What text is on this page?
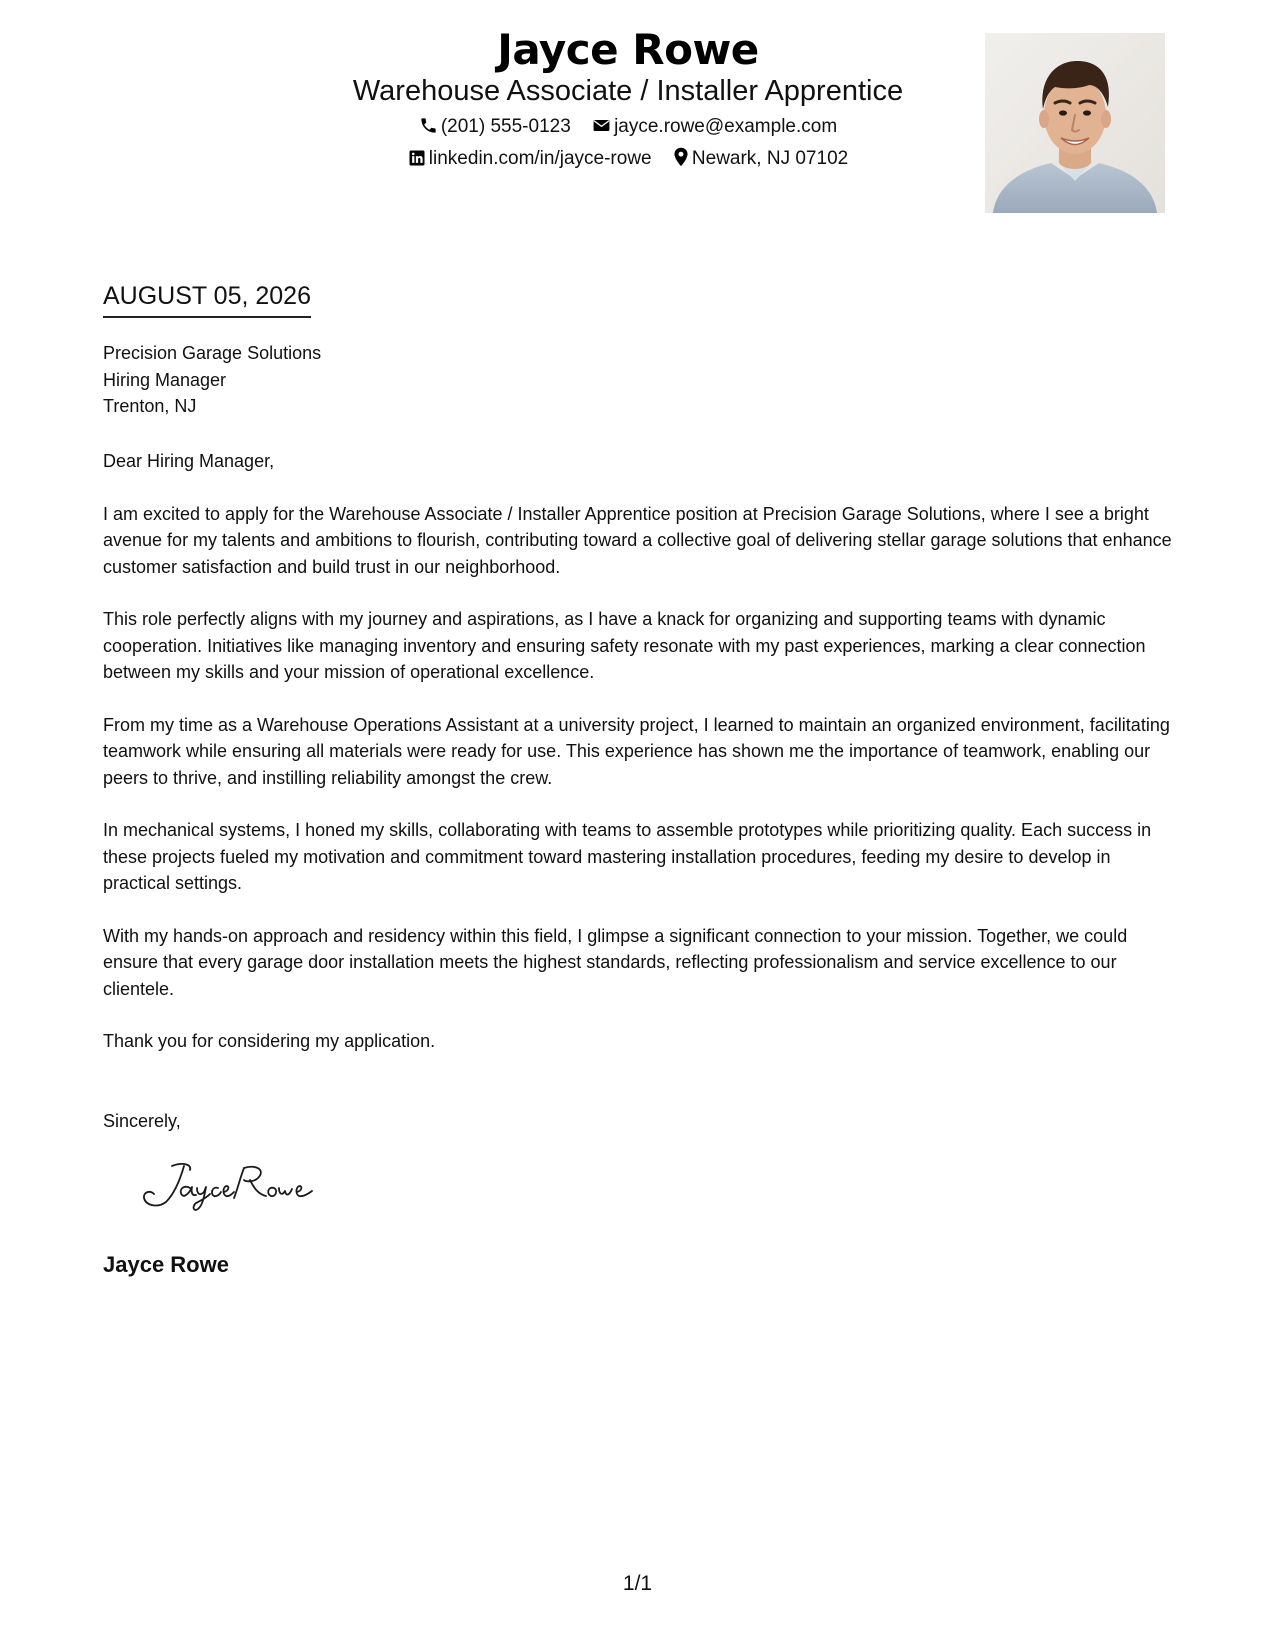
Jayce Rowe
Warehouse Associate / Installer Apprentice
(201) 555-0123 jayce.rowe@example.com
linkedin.com/in/jayce-rowe Newark, NJ 07102
AUGUST 05, 2026
Precision Garage Solutions
Hiring Manager
Trenton, NJ

Dear Hiring Manager,

I am excited to apply for the Warehouse Associate / Installer Apprentice position at Precision Garage Solutions, where I see a bright avenue for my talents and ambitions to flourish, contributing toward a collective goal of delivering stellar garage solutions that enhance customer satisfaction and build trust in our neighborhood.

This role perfectly aligns with my journey and aspirations, as I have a knack for organizing and supporting teams with dynamic cooperation. Initiatives like managing inventory and ensuring safety resonate with my past experiences, marking a clear connection between my skills and your mission of operational excellence.

From my time as a Warehouse Operations Assistant at a university project, I learned to maintain an organized environment, facilitating teamwork while ensuring all materials were ready for use. This experience has shown me the importance of teamwork, enabling our peers to thrive, and instilling reliability amongst the crew.

In mechanical systems, I honed my skills, collaborating with teams to assemble prototypes while prioritizing quality. Each success in these projects fueled my motivation and commitment toward mastering installation procedures, feeding my desire to develop in practical settings.

With my hands-on approach and residency within this field, I glimpse a significant connection to your mission. Together, we could ensure that every garage door installation meets the highest standards, reflecting professionalism and service excellence to our clientele.

Thank you for considering my application.

Sincerely,
Jayce Rowe
1/1
